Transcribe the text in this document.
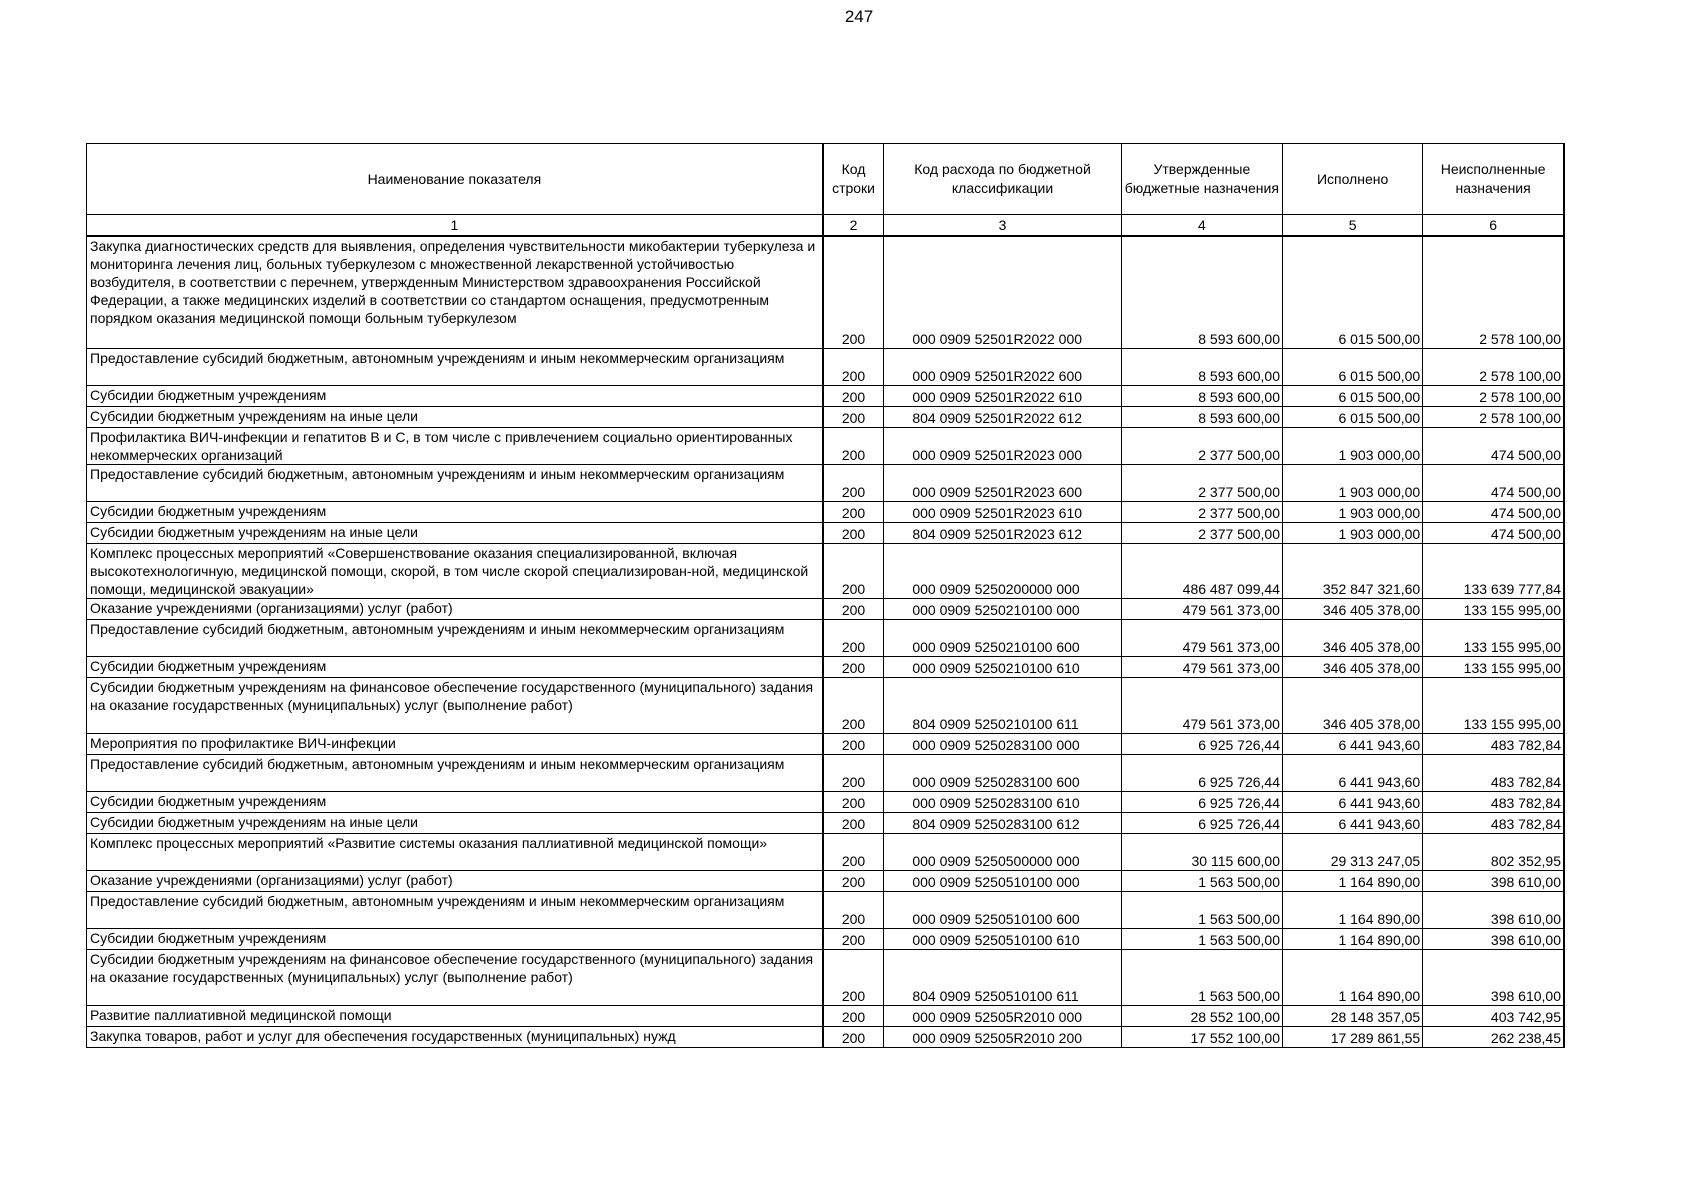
247
Наименование показателя	Код строки	Код расхода по бюджетной классификации	Утвержденные бюджетные назначения	Исполнено	Неисполненные назначения
1	2	3	4	5	6
Закупка диагностических средств для выявления, определения чувствительности микобактерии туберкулеза и мониторинга лечения лиц, больных туберкулезом с множественной лекарственной устойчивостью возбудителя, в соответствии с перечнем, утвержденным Министерством здравоохранения Российской Федерации, а также медицинских изделий в соответствии со стандартом оснащения, предусмотренным порядком оказания медицинской помощи больным туберкулезом	200	000 0909 52501R2022 000	8 593 600,00	6 015 500,00	2 578 100,00
Предоставление субсидий бюджетным, автономным учреждениям и иным некоммерческим организациям	200	000 0909 52501R2022 600	8 593 600,00	6 015 500,00	2 578 100,00
Субсидии бюджетным учреждениям	200	000 0909 52501R2022 610	8 593 600,00	6 015 500,00	2 578 100,00
Субсидии бюджетным учреждениям на иные цели	200	804 0909 52501R2022 612	8 593 600,00	6 015 500,00	2 578 100,00
Профилактика ВИЧ-инфекции и гепатитов В и С, в том числе с привлечением социально ориентированных некоммерческих организаций	200	000 0909 52501R2023 000	2 377 500,00	1 903 000,00	474 500,00
Предоставление субсидий бюджетным, автономным учреждениям и иным некоммерческим организациям	200	000 0909 52501R2023 600	2 377 500,00	1 903 000,00	474 500,00
Субсидии бюджетным учреждениям	200	000 0909 52501R2023 610	2 377 500,00	1 903 000,00	474 500,00
Субсидии бюджетным учреждениям на иные цели	200	804 0909 52501R2023 612	2 377 500,00	1 903 000,00	474 500,00
Комплекс процессных мероприятий «Совершенствование оказания специализированной, включая высокотехнологичную, медицинской помощи, скорой, в том числе скорой специализирован-ной, медицинской помощи, медицинской эвакуации»	200	000 0909 5250200000 000	486 487 099,44	352 847 321,60	133 639 777,84
Оказание учреждениями (организациями) услуг (работ)	200	000 0909 5250210100 000	479 561 373,00	346 405 378,00	133 155 995,00
Предоставление субсидий бюджетным, автономным учреждениям и иным некоммерческим организациям	200	000 0909 5250210100 600	479 561 373,00	346 405 378,00	133 155 995,00
Субсидии бюджетным учреждениям	200	000 0909 5250210100 610	479 561 373,00	346 405 378,00	133 155 995,00
Субсидии бюджетным учреждениям на финансовое обеспечение государственного (муниципального) задания на оказание государственных (муниципальных) услуг (выполнение работ)	200	804 0909 5250210100 611	479 561 373,00	346 405 378,00	133 155 995,00
Мероприятия по профилактике ВИЧ-инфекции	200	000 0909 5250283100 000	6 925 726,44	6 441 943,60	483 782,84
Предоставление субсидий бюджетным, автономным учреждениям и иным некоммерческим организациям	200	000 0909 5250283100 600	6 925 726,44	6 441 943,60	483 782,84
Субсидии бюджетным учреждениям	200	000 0909 5250283100 610	6 925 726,44	6 441 943,60	483 782,84
Субсидии бюджетным учреждениям на иные цели	200	804 0909 5250283100 612	6 925 726,44	6 441 943,60	483 782,84
Комплекс процессных мероприятий «Развитие системы оказания паллиативной медицинской помощи»	200	000 0909 5250500000 000	30 115 600,00	29 313 247,05	802 352,95
Оказание учреждениями (организациями) услуг (работ)	200	000 0909 5250510100 000	1 563 500,00	1 164 890,00	398 610,00
Предоставление субсидий бюджетным, автономным учреждениям и иным некоммерческим организациям	200	000 0909 5250510100 600	1 563 500,00	1 164 890,00	398 610,00
Субсидии бюджетным учреждениям	200	000 0909 5250510100 610	1 563 500,00	1 164 890,00	398 610,00
Субсидии бюджетным учреждениям на финансовое обеспечение государственного (муниципального) задания на оказание государственных (муниципальных) услуг (выполнение работ)	200	804 0909 5250510100 611	1 563 500,00	1 164 890,00	398 610,00
Развитие паллиативной медицинской помощи	200	000 0909 52505R2010 000	28 552 100,00	28 148 357,05	403 742,95
Закупка товаров, работ и услуг для обеспечения государственных (муниципальных) нужд	200	000 0909 52505R2010 200	17 552 100,00	17 289 861,55	262 238,45
